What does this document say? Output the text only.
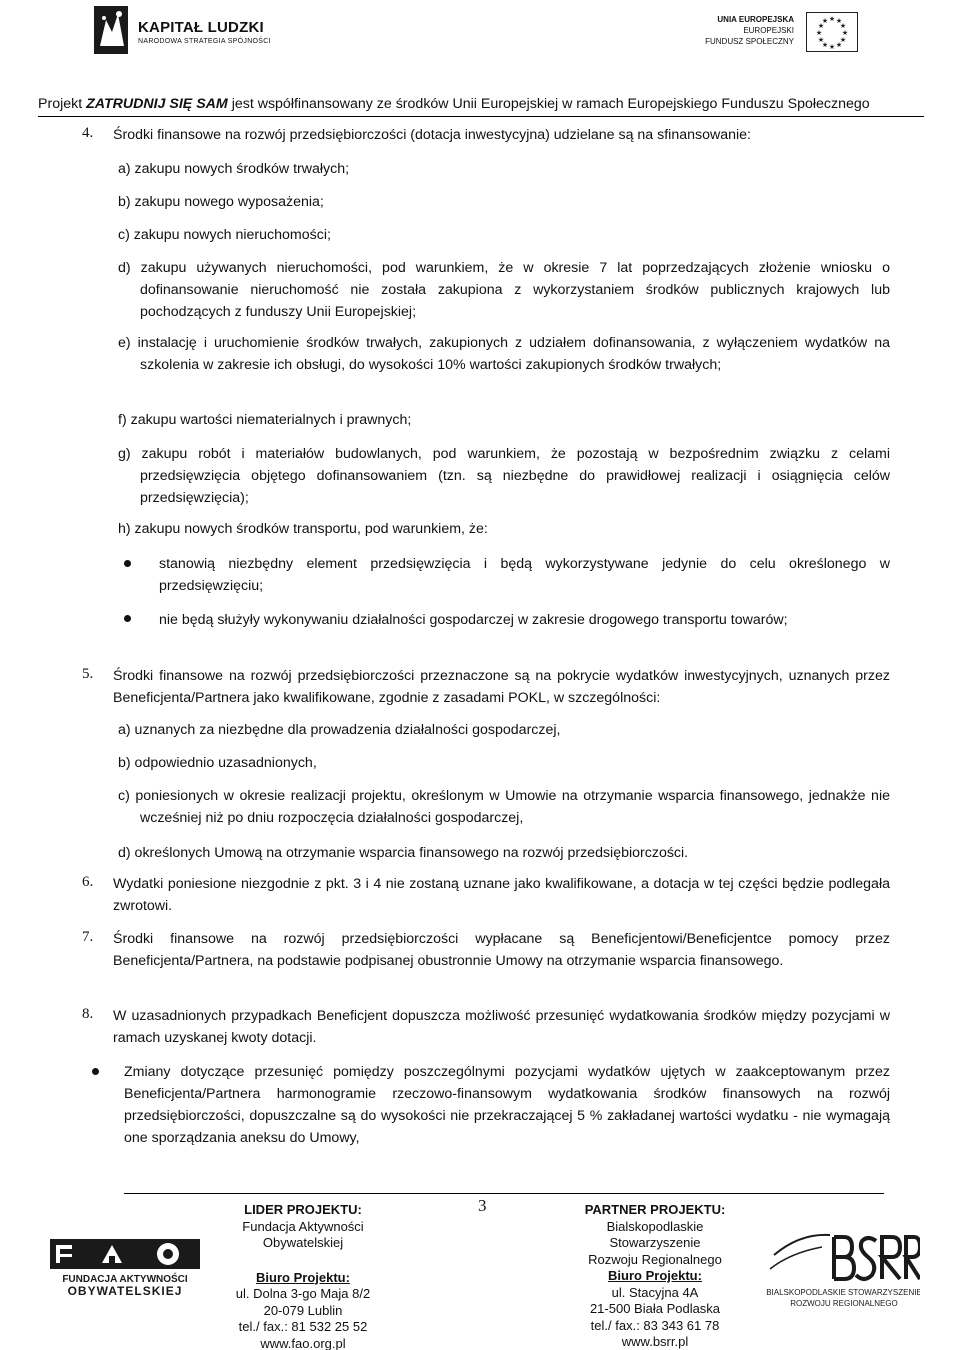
KAPITAŁ LUDZKI
NARODOWA STRATEGIA SPÓJNOŚCI
UNIA EUROPEJSKA
EUROPEJSKI
FUNDUSZ SPOŁECZNY
★ ★
★
★
★
★
★
★
★
★
★
★
Projekt ZATRUDNIJ SIĘ SAM jest współfinansowany ze środków Unii Europejskiej w ramach Europejskiego Funduszu Społecznego
4. Środki finansowe na rozwój przedsiębiorczości (dotacja inwestycyjna) udzielane są na sfinansowanie:
a) zakupu nowych środków trwałych;
b) zakupu nowego wyposażenia;
c) zakupu nowych nieruchomości;
d) zakupu używanych nieruchomości, pod warunkiem, że w okresie 7 lat poprzedzających złożenie wniosku o dofinansowanie nieruchomość nie została zakupiona z wykorzystaniem środków publicznych krajowych lub pochodzących z funduszy Unii Europejskiej;
e) instalację i uruchomienie środków trwałych, zakupionych z udziałem dofinansowania, z wyłączeniem wydatków na szkolenia w zakresie ich obsługi, do wysokości 10% wartości zakupionych środków trwałych;
f) zakupu wartości niematerialnych i prawnych;
g) zakupu robót i materiałów budowlanych, pod warunkiem, że pozostają w bezpośrednim związku z celami przedsięwzięcia objętego dofinansowaniem (tzn. są niezbędne do prawidłowej realizacji i osiągnięcia celów przedsięwzięcia);
h) zakupu nowych środków transportu, pod warunkiem, że:
stanowią niezbędny element przedsięwzięcia i będą wykorzystywane jedynie do celu określonego w przedsięwzięciu;
nie będą służyły wykonywaniu działalności gospodarczej w zakresie drogowego transportu towarów;
5. Środki finansowe na rozwój przedsiębiorczości przeznaczone są na pokrycie wydatków inwestycyjnych, uznanych przez Beneficjenta/Partnera jako kwalifikowane, zgodnie z zasadami POKL, w szczególności:
a) uznanych za niezbędne dla prowadzenia działalności gospodarczej,
b) odpowiednio uzasadnionych,
c) poniesionych w okresie realizacji projektu, określonym w Umowie na otrzymanie wsparcia finansowego, jednakże nie wcześniej niż po dniu rozpoczęcia działalności gospodarczej,
d) określonych Umową na otrzymanie wsparcia finansowego na rozwój przedsiębiorczości.
6. Wydatki poniesione niezgodnie z pkt. 3 i 4 nie zostaną uznane jako kwalifikowane, a dotacja w tej części będzie podlegała zwrotowi.
7. Środki finansowe na rozwój przedsiębiorczości wypłacane są Beneficjentowi/Beneficjentce pomocy przez Beneficjenta/Partnera, na podstawie podpisanej obustronnie Umowy na otrzymanie wsparcia finansowego.
8. W uzasadnionych przypadkach Beneficjent dopuszcza możliwość przesunięć wydatkowania środków między pozycjami w ramach uzyskanej kwoty dotacji.
Zmiany dotyczące przesunięć pomiędzy poszczególnymi pozycjami wydatków ujętych w zaakceptowanym przez Beneficjenta/Partnera harmonogramie rzeczowo-finansowym wydatkowania środków finansowych na rozwój przedsiębiorczości, dopuszczalne są do wysokości nie przekraczającej 5 % zakładanej wartości wydatku - nie wymagają one sporządzania aneksu do Umowy,
3
FUNDACJA AKTYWNOŚCI
OBYWATELSKIEJ
LIDER PROJEKTU:
Fundacja Aktywności
Obywatelskiej
Biuro Projektu:
ul. Dolna 3-go Maja 8/2
20-079 Lublin
tel./ fax.: 81 532 25 52
www.fao.org.pl
PARTNER PROJEKTU:
Bialskopodlaskie
Stowarzyszenie
Rozwoju Regionalnego
Biuro Projektu:
ul. Stacyjna 4A
21-500 Biała Podlaska
tel./ fax.: 83 343 61 78
www.bsrr.pl
BIALSKOPODLASKIE STOWARZYSZENIE
ROZWOJU REGIONALNEGO
